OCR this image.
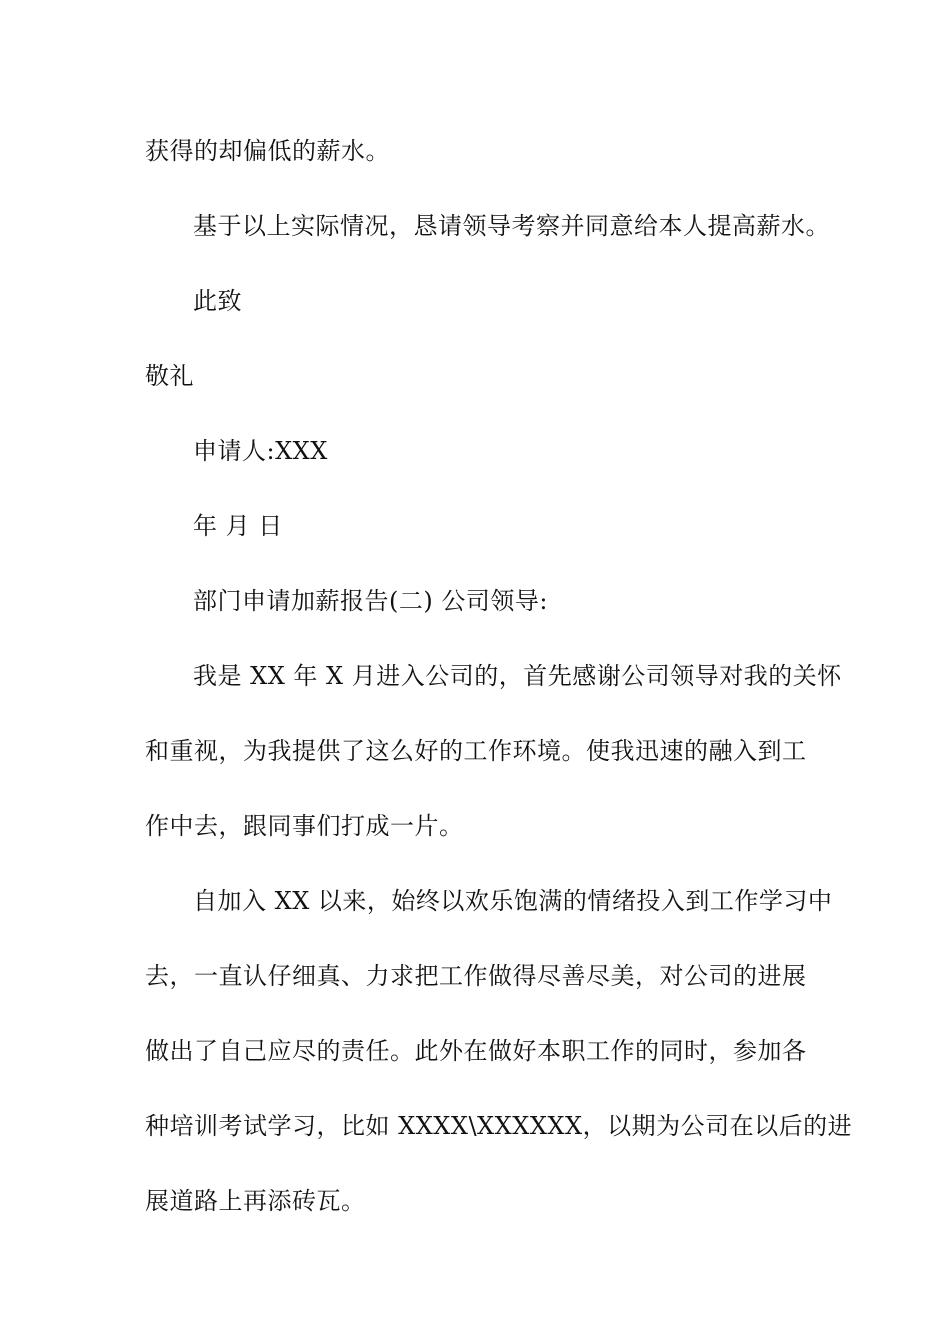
获得的却偏低的薪水。
基于以上实际情况，恳请领导考察并同意给本人提高薪水。
此致
敬礼
申请人:XXX
年 月 日
部门申请加薪报告(二) 公司领导:
我是 XX 年 X 月进入公司的，首先感谢公司领导对我的关怀
和重视，为我提供了这么好的工作环境。使我迅速的融入到工
作中去，跟同事们打成一片。
自加入 XX 以来，始终以欢乐饱满的情绪投入到工作学习中
去，一直认仔细真、力求把工作做得尽善尽美，对公司的进展
做出了自己应尽的责任。此外在做好本职工作的同时，参加各
种培训考试学习，比如 XXXX\XXXXXX，以期为公司在以后的进
展道路上再添砖瓦。
